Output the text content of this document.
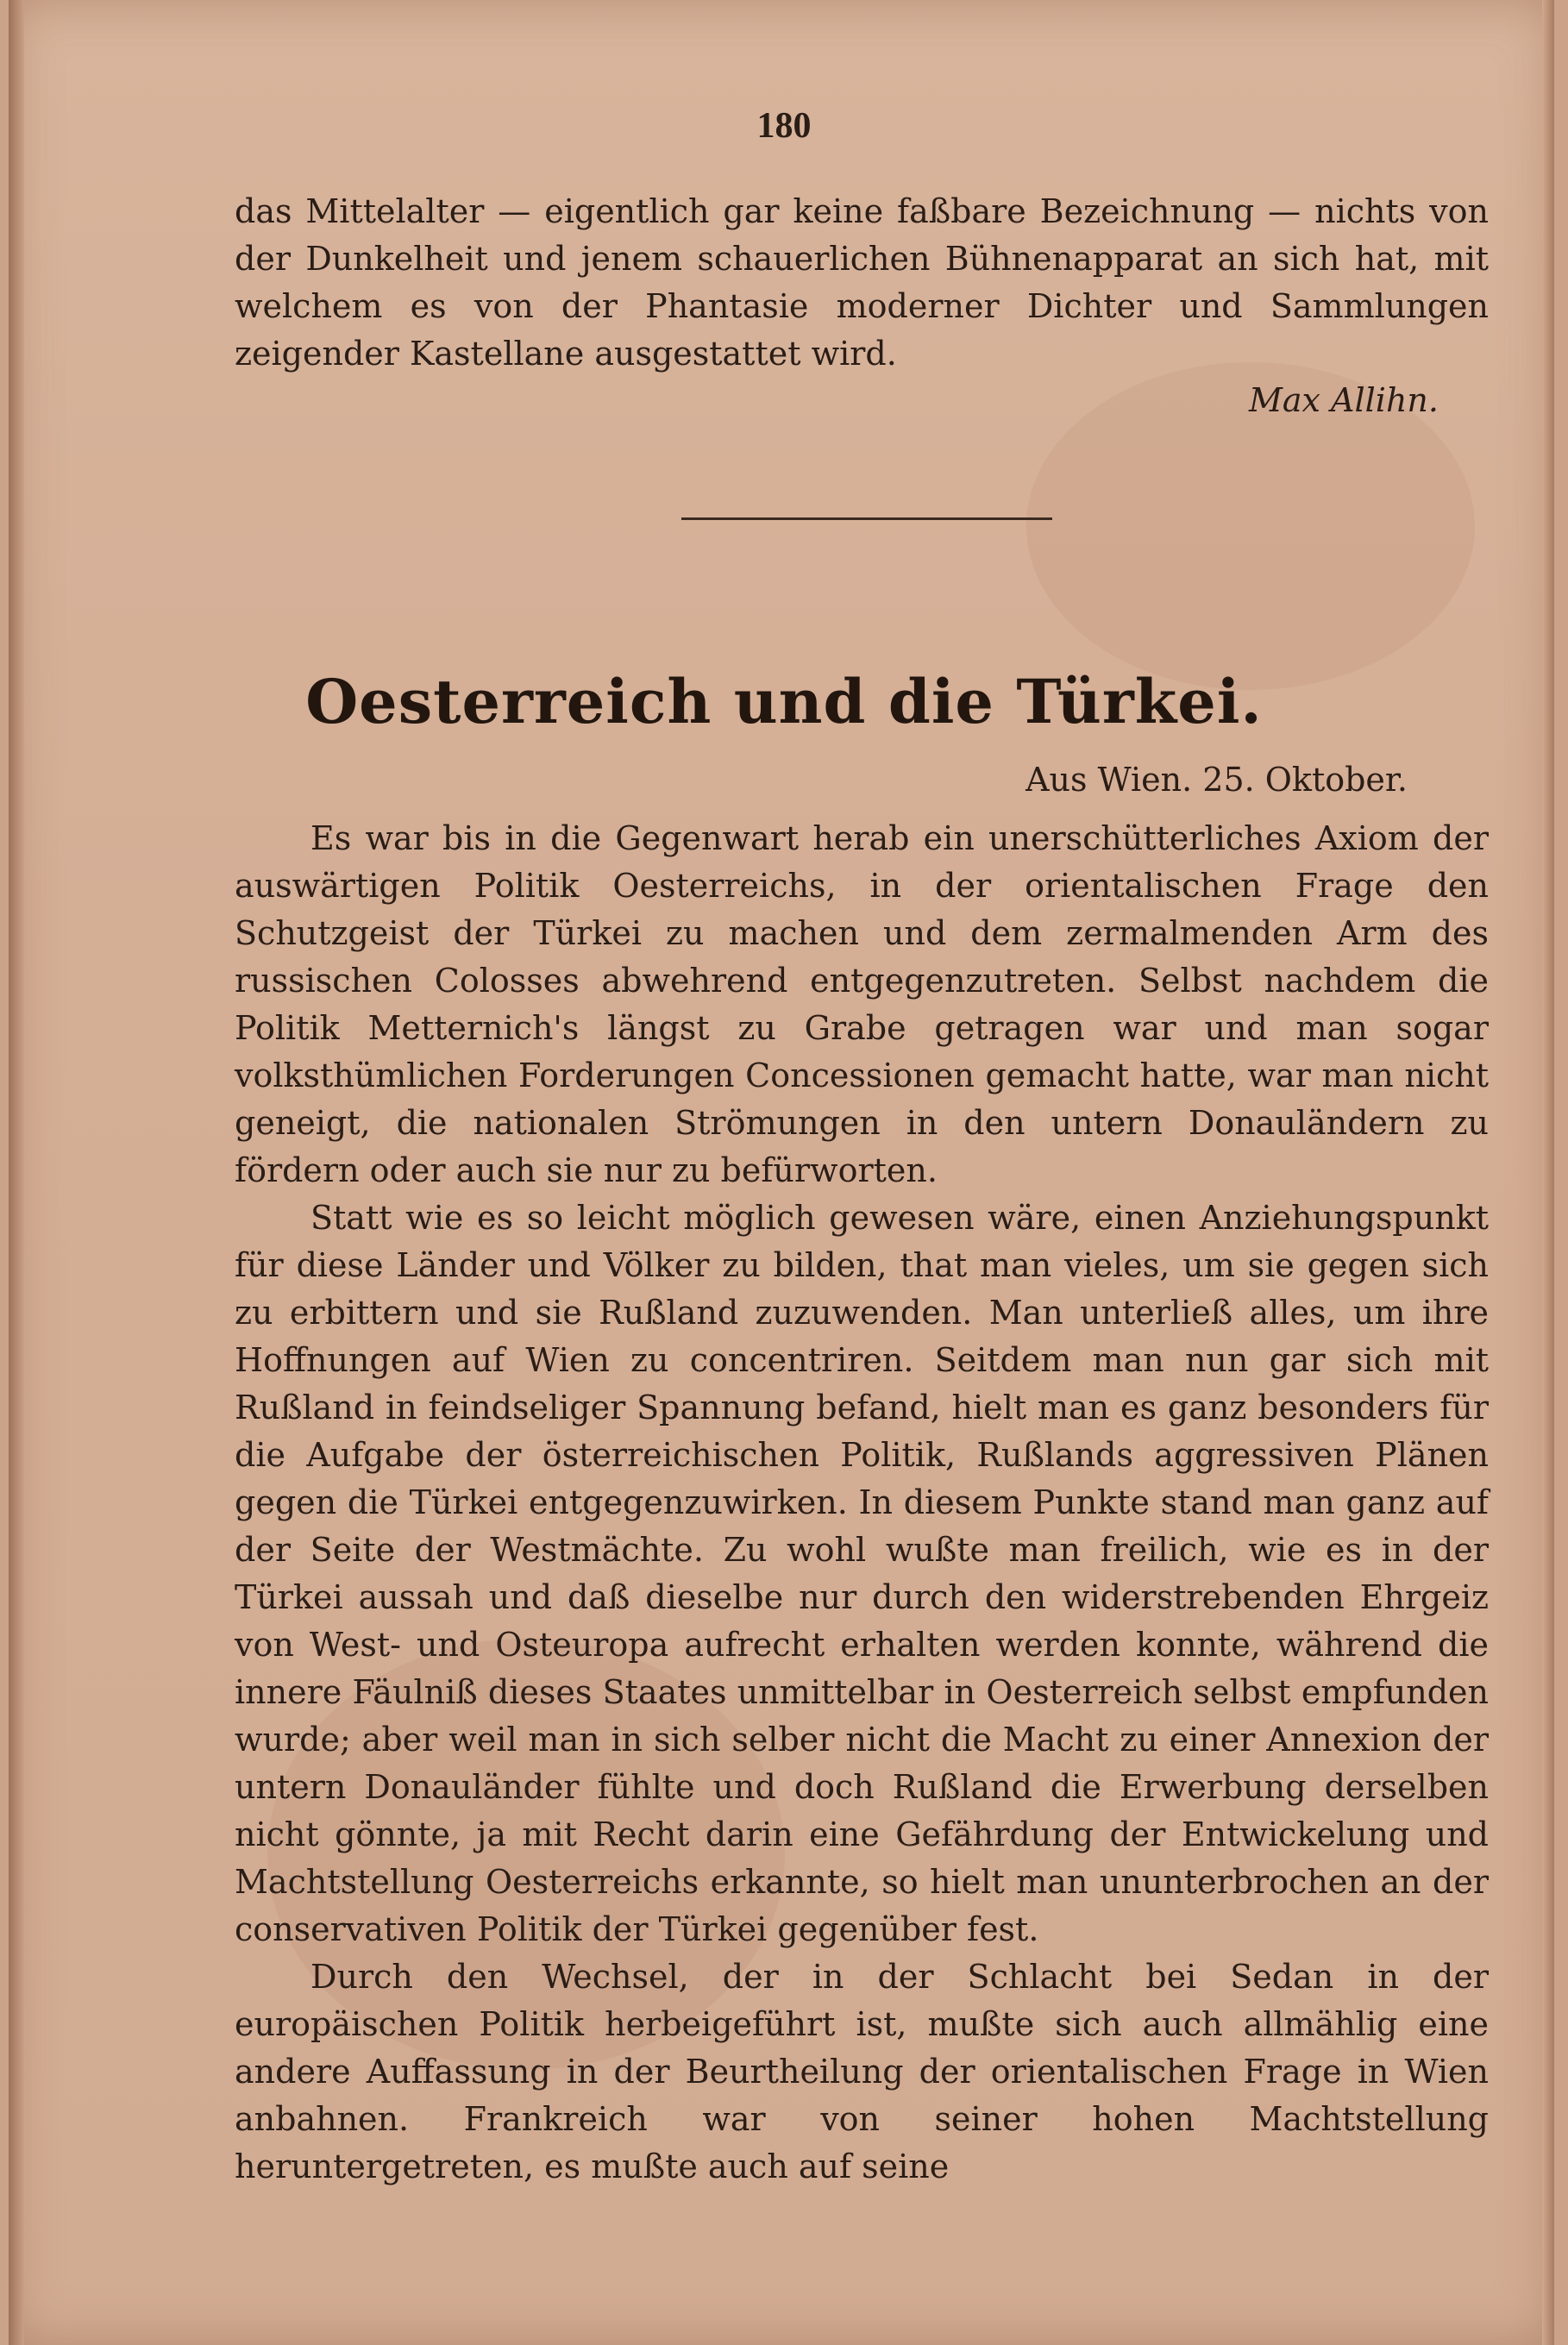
180

das Mittelalter — eigentlich gar keine faßbare Bezeichnung — nichts von der Dunkelheit und jenem schauerlichen Bühnenapparat an sich hat, mit welchem es von der Phantasie moderner Dichter und Sammlungen zeigender Kastellane ausgestattet wird.

Max Allihn.
Oesterreich und die Türkei.
Aus Wien. 25. Oktober.

Es war bis in die Gegenwart herab ein unerschütterliches Axiom der auswärtigen Politik Oesterreichs, in der orientalischen Frage den Schutzgeist der Türkei zu machen und dem zermalmenden Arm des russischen Colosses abwehrend entgegenzutreten. Selbst nachdem die Politik Metternich's längst zu Grabe getragen war und man sogar volksthümlichen Forderungen Concessionen gemacht hatte, war man nicht geneigt, die nationalen Strömungen in den untern Donauländern zu fördern oder auch sie nur zu befürworten.

Statt wie es so leicht möglich gewesen wäre, einen Anziehungspunkt für diese Länder und Völker zu bilden, that man vieles, um sie gegen sich zu erbittern und sie Rußland zuzuwenden. Man unterließ alles, um ihre Hoffnungen auf Wien zu concentriren. Seitdem man nun gar sich mit Rußland in feindseliger Spannung befand, hielt man es ganz besonders für die Aufgabe der österreichischen Politik, Rußlands aggressiven Plänen gegen die Türkei entgegenzuwirken. In diesem Punkte stand man ganz auf der Seite der Westmächte. Zu wohl wußte man freilich, wie es in der Türkei aussah und daß dieselbe nur durch den widerstrebenden Ehrgeiz von West- und Osteuropa aufrecht erhalten werden konnte, während die innere Fäulniß dieses Staates unmittelbar in Oesterreich selbst empfunden wurde; aber weil man in sich selber nicht die Macht zu einer Annexion der untern Donauländer fühlte und doch Rußland die Erwerbung derselben nicht gönnte, ja mit Recht darin eine Gefährdung der Entwickelung und Machtstellung Oesterreichs erkannte, so hielt man ununterbrochen an der conservativen Politik der Türkei gegenüber fest.

Durch den Wechsel, der in der Schlacht bei Sedan in der europäischen Politik herbeigeführt ist, mußte sich auch allmählig eine andere Auffassung in der Beurtheilung der orientalischen Frage in Wien anbahnen. Frankreich war von seiner hohen Machtstellung heruntergetreten, es mußte auch auf seine
